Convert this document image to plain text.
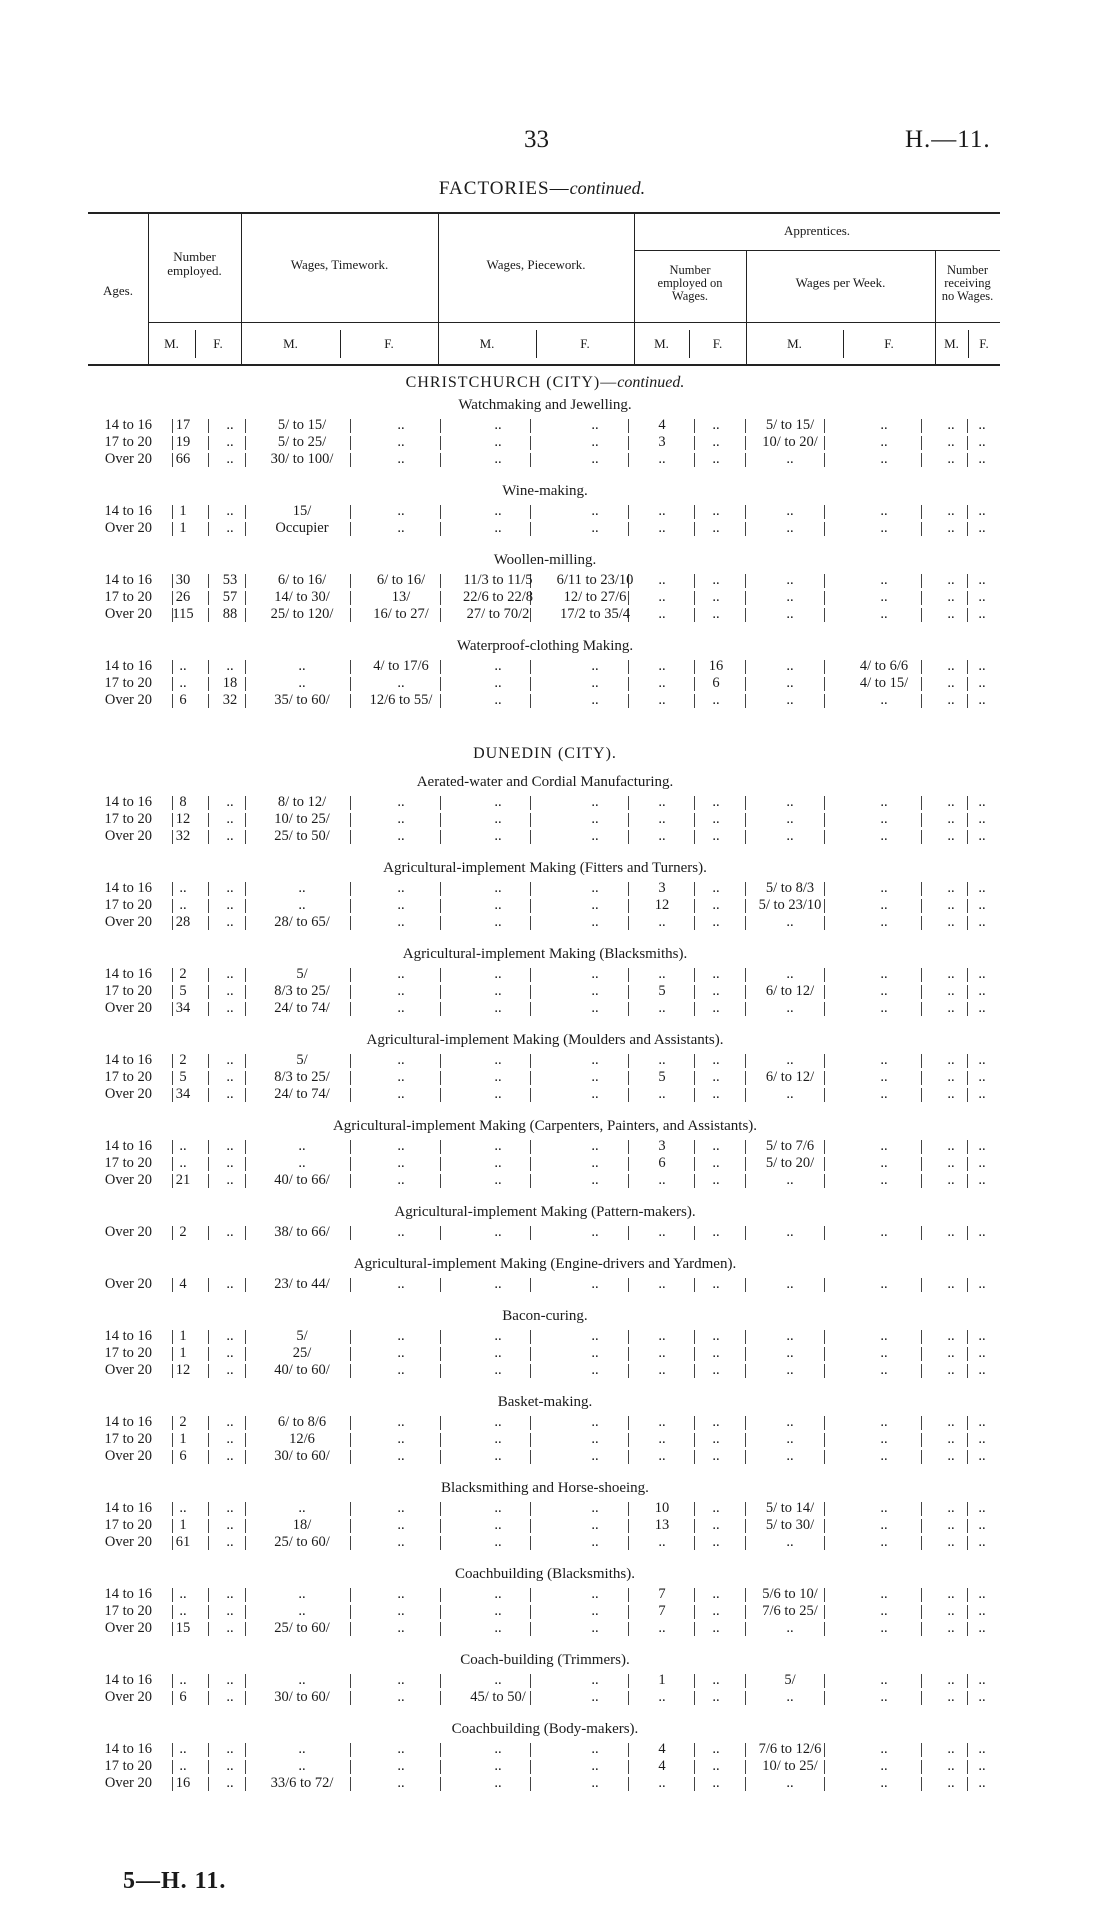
33	H.—11.
FACTORIES—continued.
Ages.
Number
employed.	Wages, Timework.	Wages, Piecework.
Apprentices.
Number
employed on
Wages.
Wages per Week.
Number
receiving
no Wages.
M.	F.	M.	F.	M.	F.	M.	F.	M.	F.	M.	F.
CHRISTCHURCH (CITY)—continued.
Watchmaking and Jewelling.
14 to 16	17	..	5/ to 15/	..	..	..	4	..	5/ to 15/	..	..	..
17 to 20	19	..	5/ to 25/	..	..	..	3	..	10/ to 20/	..	..	..
Over 20	66	..	30/ to 100/	..	..	..	..	..	..	..	..	..
Wine-making.
14 to 16	1	..	15/	..	..	..	..	..	..	..	..	..
Over 20	1	..	Occupier	..	..	..	..	..	..	..	..	..
Woollen-milling.
14 to 16	30	53	6/ to 16/	6/ to 16/	11/3 to 11/5	6/11 to 23/10	..	..	..	..	..	..
17 to 20	26	57	14/ to 30/	13/	22/6 to 22/8	12/ to 27/6	..	..	..	..	..	..
Over 20	115	88	25/ to 120/	16/ to 27/	27/ to 70/2	17/2 to 35/4	..	..	..	..	..	..
Waterproof-clothing Making.
14 to 16	..	..	..	4/ to 17/6	..	..	..	16	..	4/ to 6/6	..	..
17 to 20	..	18	..	..	..	..	..	6	..	4/ to 15/	..	..
Over 20	6	32	35/ to 60/	12/6 to 55/	..	..	..	..	..	..	..	..
DUNEDIN (CITY).
Aerated-water and Cordial Manufacturing.
14 to 16	8	..	8/ to 12/	..	..	..	..	..	..	..	..	..
17 to 20	12	..	10/ to 25/	..	..	..	..	..	..	..	..	..
Over 20	32	..	25/ to 50/	..	..	..	..	..	..	..	..	..
Agricultural-implement Making (Fitters and Turners).
14 to 16	..	..	..	..	..	..	3	..	5/ to 8/3	..	..	..
17 to 20	..	..	..	..	..	..	12	..	5/ to 23/10	..	..	..
Over 20	28	..	28/ to 65/	..	..	..	..	..	..	..	..	..
Agricultural-implement Making (Blacksmiths).
14 to 16	2	..	5/	..	..	..	..	..	..	..	..	..
17 to 20	5	..	8/3 to 25/	..	..	..	5	..	6/ to 12/	..	..	..
Over 20	34	..	24/ to 74/	..	..	..	..	..	..	..	..	..
Agricultural-implement Making (Moulders and Assistants).
14 to 16	2	..	5/	..	..	..	..	..	..	..	..	..
17 to 20	5	..	8/3 to 25/	..	..	..	5	..	6/ to 12/	..	..	..
Over 20	34	..	24/ to 74/	..	..	..	..	..	..	..	..	..
Agricultural-implement Making (Carpenters, Painters, and Assistants).
14 to 16	..	..	..	..	..	..	3	..	5/ to 7/6	..	..	..
17 to 20	..	..	..	..	..	..	6	..	5/ to 20/	..	..	..
Over 20	21	..	40/ to 66/	..	..	..	..	..	..	..	..	..
Agricultural-implement Making (Pattern-makers).
Over 20	2	..	38/ to 66/	..	..	..	..	..	..	..	..	..
Agricultural-implement Making (Engine-drivers and Yardmen).
Over 20	4	..	23/ to 44/	..	..	..	..	..	..	..	..	..
Bacon-curing.
14 to 16	1	..	5/	..	..	..	..	..	..	..	..	..
17 to 20	1	..	25/	..	..	..	..	..	..	..	..	..
Over 20	12	..	40/ to 60/	..	..	..	..	..	..	..	..	..
Basket-making.
14 to 16	2	..	6/ to 8/6	..	..	..	..	..	..	..	..	..
17 to 20	1	..	12/6	..	..	..	..	..	..	..	..	..
Over 20	6	..	30/ to 60/	..	..	..	..	..	..	..	..	..
Blacksmithing and Horse-shoeing.
14 to 16	..	..	..	..	..	..	10	..	5/ to 14/	..	..	..
17 to 20	1	..	18/	..	..	..	13	..	5/ to 30/	..	..	..
Over 20	61	..	25/ to 60/	..	..	..	..	..	..	..	..	..
Coachbuilding (Blacksmiths).
14 to 16	..	..	..	..	..	..	7	..	5/6 to 10/	..	..	..
17 to 20	..	..	..	..	..	..	7	..	7/6 to 25/	..	..	..
Over 20	15	..	25/ to 60/	..	..	..	..	..	..	..	..	..
Coach-building (Trimmers).
14 to 16	..	..	..	..	..	..	1	..	5/	..	..	..
Over 20	6	..	30/ to 60/	..	45/ to 50/	..	..	..	..	..	..	..
Coachbuilding (Body-makers).
14 to 16	..	..	..	..	..	..	4	..	7/6 to 12/6	..	..	..
17 to 20	..	..	..	..	..	..	4	..	10/ to 25/	..	..	..
Over 20	16	..	33/6 to 72/	..	..	..	..	..	..	..	..	..
5—H. 11.
